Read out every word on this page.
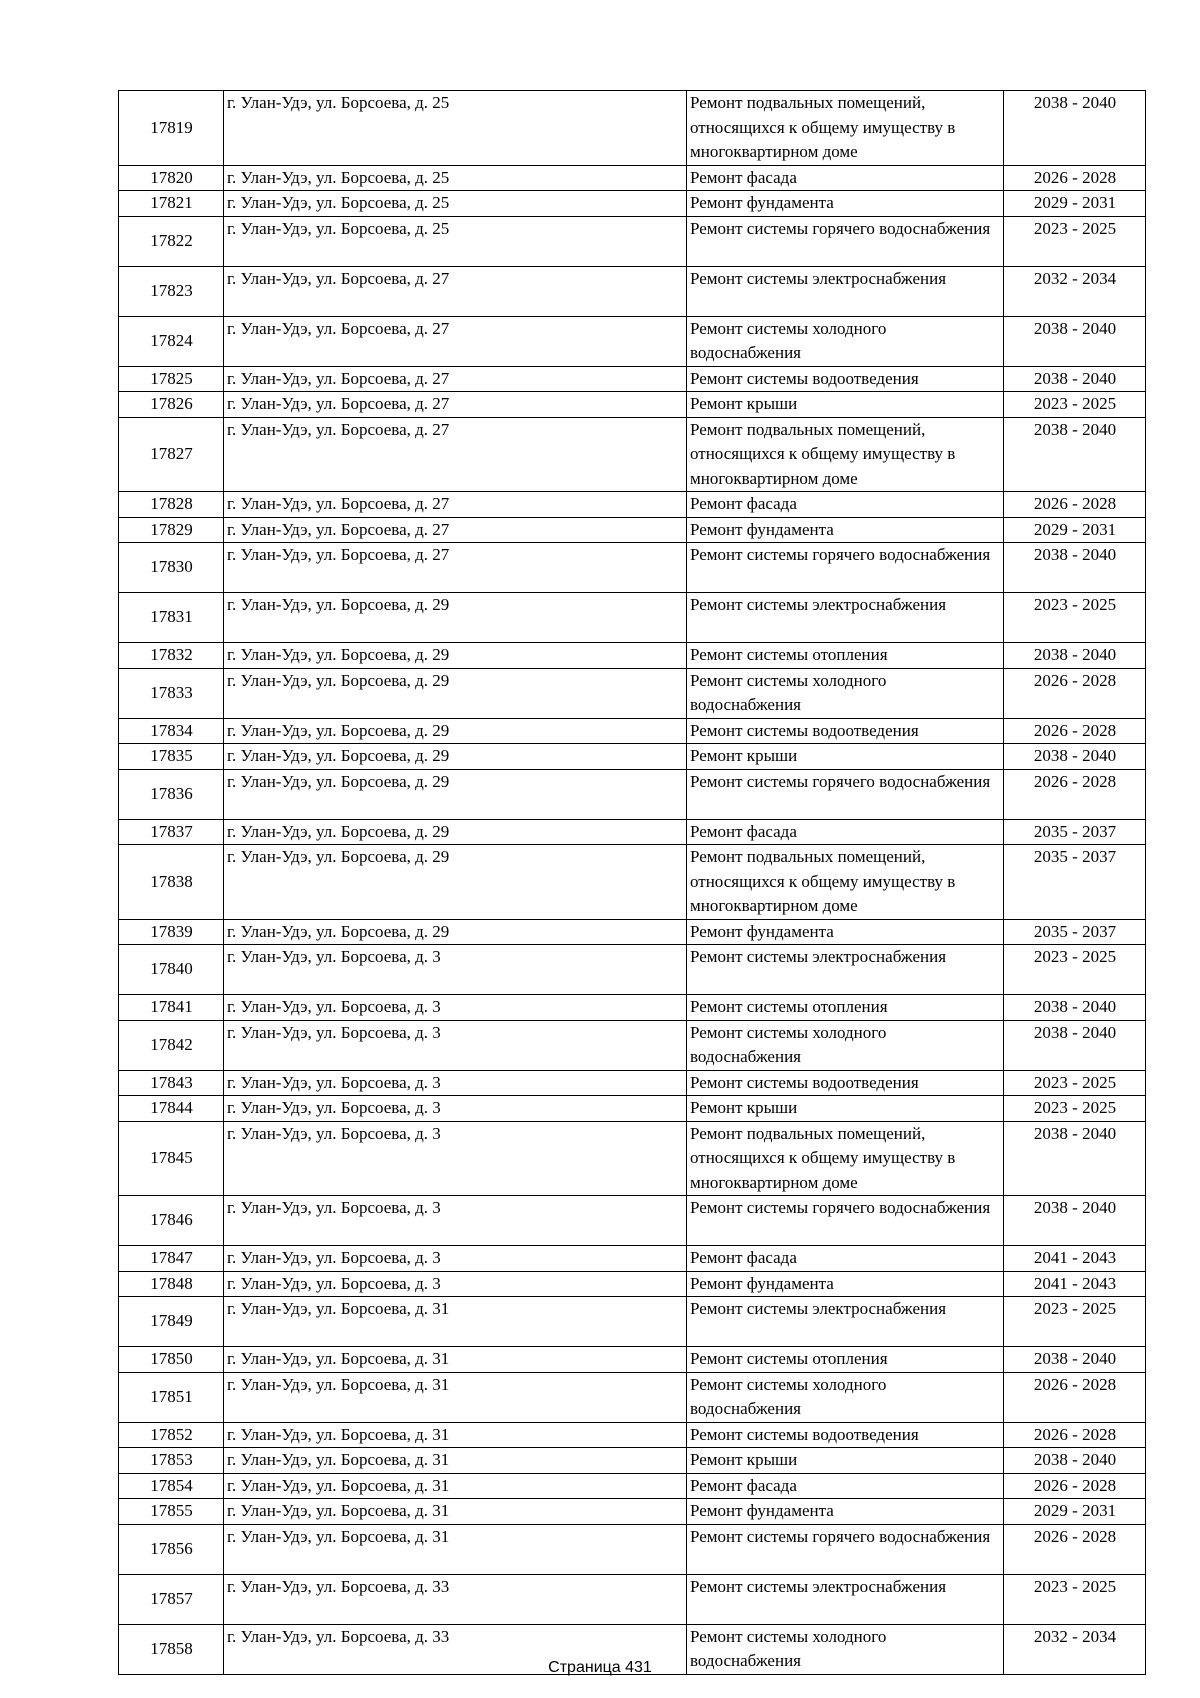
17819	г. Улан-Удэ, ул. Борсоева, д. 25	Ремонт подвальных помещений, относящихся к общему имуществу в многоквартирном доме	2038 - 2040
17820	г. Улан-Удэ, ул. Борсоева, д. 25	Ремонт фасада	2026 - 2028
17821	г. Улан-Удэ, ул. Борсоева, д. 25	Ремонт фундамента	2029 - 2031
17822	г. Улан-Удэ, ул. Борсоева, д. 25	Ремонт системы горячего водоснабжения	2023 - 2025
17823	г. Улан-Удэ, ул. Борсоева, д. 27	Ремонт системы электроснабжения	2032 - 2034
17824	г. Улан-Удэ, ул. Борсоева, д. 27	Ремонт системы холодного водоснабжения	2038 - 2040
17825	г. Улан-Удэ, ул. Борсоева, д. 27	Ремонт системы водоотведения	2038 - 2040
17826	г. Улан-Удэ, ул. Борсоева, д. 27	Ремонт крыши	2023 - 2025
17827	г. Улан-Удэ, ул. Борсоева, д. 27	Ремонт подвальных помещений, относящихся к общему имуществу в многоквартирном доме	2038 - 2040
17828	г. Улан-Удэ, ул. Борсоева, д. 27	Ремонт фасада	2026 - 2028
17829	г. Улан-Удэ, ул. Борсоева, д. 27	Ремонт фундамента	2029 - 2031
17830	г. Улан-Удэ, ул. Борсоева, д. 27	Ремонт системы горячего водоснабжения	2038 - 2040
17831	г. Улан-Удэ, ул. Борсоева, д. 29	Ремонт системы электроснабжения	2023 - 2025
17832	г. Улан-Удэ, ул. Борсоева, д. 29	Ремонт системы отопления	2038 - 2040
17833	г. Улан-Удэ, ул. Борсоева, д. 29	Ремонт системы холодного водоснабжения	2026 - 2028
17834	г. Улан-Удэ, ул. Борсоева, д. 29	Ремонт системы водоотведения	2026 - 2028
17835	г. Улан-Удэ, ул. Борсоева, д. 29	Ремонт крыши	2038 - 2040
17836	г. Улан-Удэ, ул. Борсоева, д. 29	Ремонт системы горячего водоснабжения	2026 - 2028
17837	г. Улан-Удэ, ул. Борсоева, д. 29	Ремонт фасада	2035 - 2037
17838	г. Улан-Удэ, ул. Борсоева, д. 29	Ремонт подвальных помещений, относящихся к общему имуществу в многоквартирном доме	2035 - 2037
17839	г. Улан-Удэ, ул. Борсоева, д. 29	Ремонт фундамента	2035 - 2037
17840	г. Улан-Удэ, ул. Борсоева, д. 3	Ремонт системы электроснабжения	2023 - 2025
17841	г. Улан-Удэ, ул. Борсоева, д. 3	Ремонт системы отопления	2038 - 2040
17842	г. Улан-Удэ, ул. Борсоева, д. 3	Ремонт системы холодного водоснабжения	2038 - 2040
17843	г. Улан-Удэ, ул. Борсоева, д. 3	Ремонт системы водоотведения	2023 - 2025
17844	г. Улан-Удэ, ул. Борсоева, д. 3	Ремонт крыши	2023 - 2025
17845	г. Улан-Удэ, ул. Борсоева, д. 3	Ремонт подвальных помещений, относящихся к общему имуществу в многоквартирном доме	2038 - 2040
17846	г. Улан-Удэ, ул. Борсоева, д. 3	Ремонт системы горячего водоснабжения	2038 - 2040
17847	г. Улан-Удэ, ул. Борсоева, д. 3	Ремонт фасада	2041 - 2043
17848	г. Улан-Удэ, ул. Борсоева, д. 3	Ремонт фундамента	2041 - 2043
17849	г. Улан-Удэ, ул. Борсоева, д. 31	Ремонт системы электроснабжения	2023 - 2025
17850	г. Улан-Удэ, ул. Борсоева, д. 31	Ремонт системы отопления	2038 - 2040
17851	г. Улан-Удэ, ул. Борсоева, д. 31	Ремонт системы холодного водоснабжения	2026 - 2028
17852	г. Улан-Удэ, ул. Борсоева, д. 31	Ремонт системы водоотведения	2026 - 2028
17853	г. Улан-Удэ, ул. Борсоева, д. 31	Ремонт крыши	2038 - 2040
17854	г. Улан-Удэ, ул. Борсоева, д. 31	Ремонт фасада	2026 - 2028
17855	г. Улан-Удэ, ул. Борсоева, д. 31	Ремонт фундамента	2029 - 2031
17856	г. Улан-Удэ, ул. Борсоева, д. 31	Ремонт системы горячего водоснабжения	2026 - 2028
17857	г. Улан-Удэ, ул. Борсоева, д. 33	Ремонт системы электроснабжения	2023 - 2025
17858	г. Улан-Удэ, ул. Борсоева, д. 33	Ремонт системы холодного водоснабжения	2032 - 2034
Страница 431
